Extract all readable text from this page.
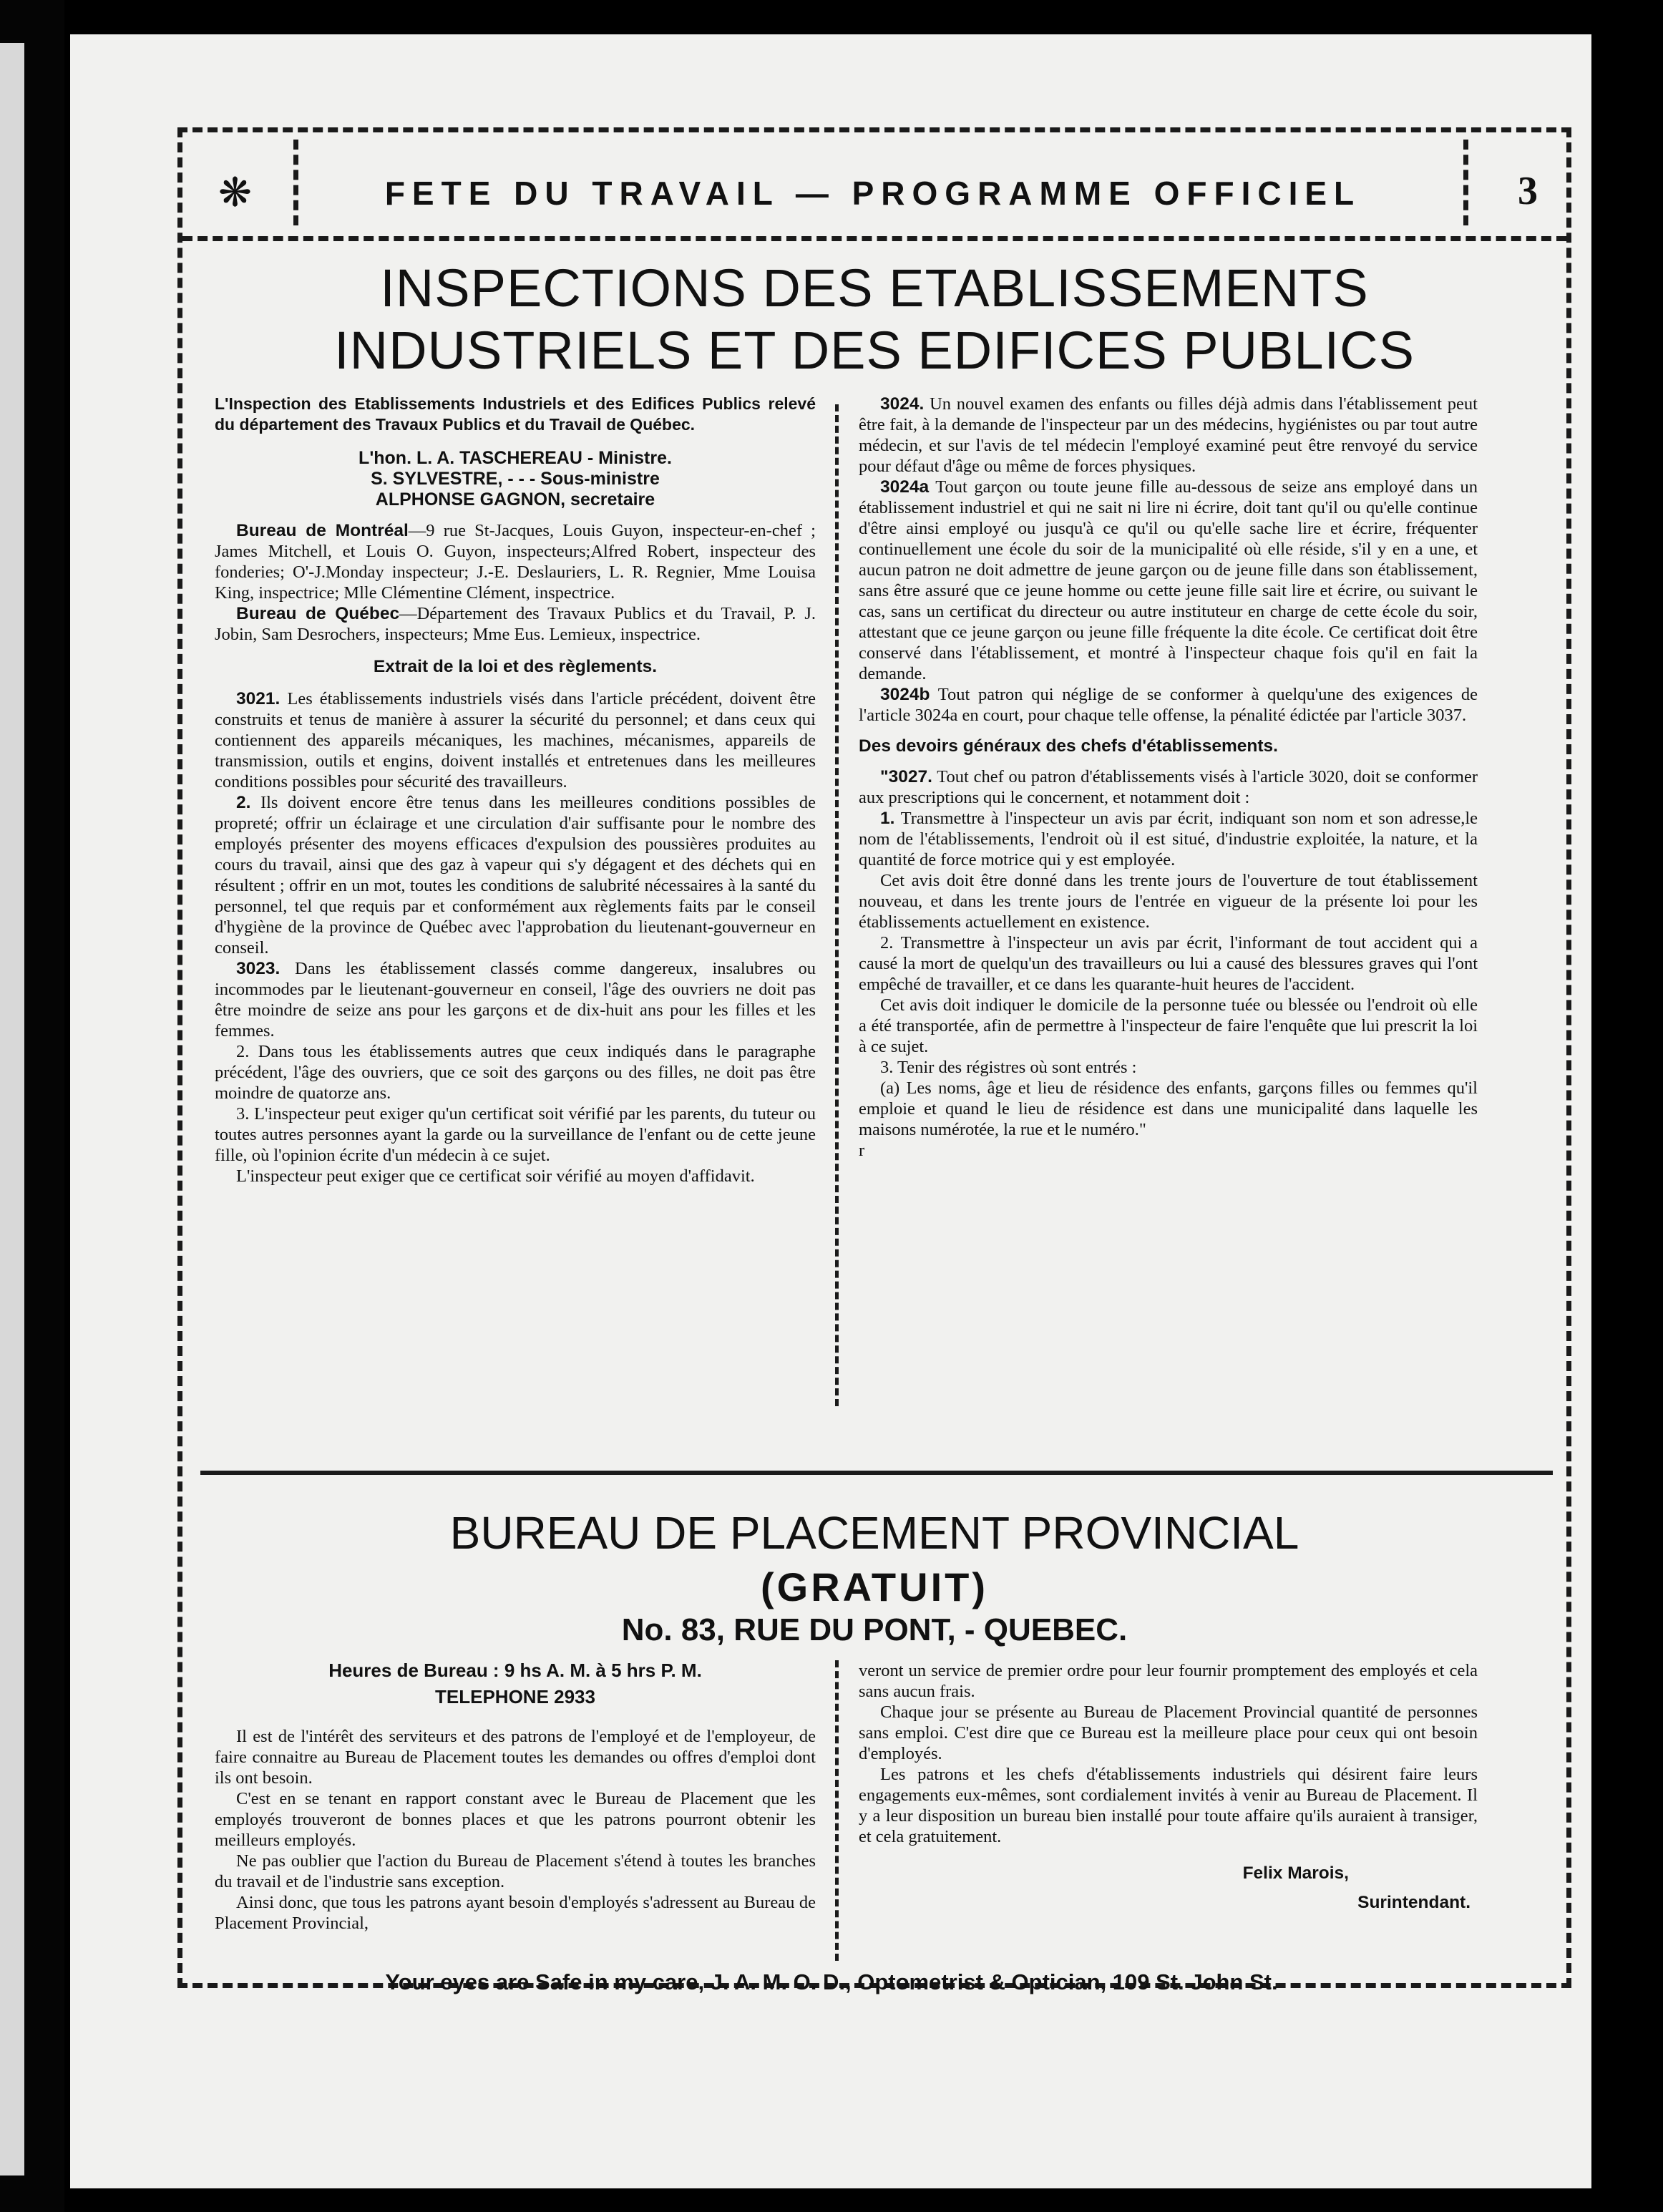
❋	FETE DU TRAVAIL — PROGRAMME OFFICIEL	3
INSPECTIONS DES ETABLISSEMENTS
INDUSTRIELS ET DES EDIFICES PUBLICS

L'Inspection des Etablissements Industriels et des Edifices Publics relevé du département des Travaux Publics et du Travail de Québec.

L'hon. L. A. TASCHEREAU - Ministre.

S. SYLVESTRE, - - - Sous-ministre

ALPHONSE GAGNON, secretaire

Bureau de Montréal—9 rue St-Jacques, Louis Guyon, inspecteur-en-chef ; James Mitchell, et Louis O. Guyon, inspecteurs;Alfred Robert, inspecteur des fonderies; O'-J.Monday inspecteur; J.-E. Deslauriers, L. R. Regnier, Mme Louisa King, inspectrice; Mlle Clémentine Clément, inspectrice.

Bureau de Québec—Département des Travaux Publics et du Travail, P. J. Jobin, Sam Desrochers, inspecteurs; Mme Eus. Lemieux, inspectrice.

Extrait de la loi et des règlements.

3021. Les établissements industriels visés dans l'article précédent, doivent être construits et tenus de manière à assurer la sécurité du personnel; et dans ceux qui contiennent des appareils mécaniques, les machines, mécanismes, appareils de transmission, outils et engins, doivent installés et entretenues dans les meilleures conditions possibles pour sécurité des travailleurs.

2. Ils doivent encore être tenus dans les meilleures conditions possibles de propreté; offrir un éclairage et une circulation d'air suffisante pour le nombre des employés présenter des moyens efficaces d'expulsion des poussières produites au cours du travail, ainsi que des gaz à vapeur qui s'y dégagent et des déchets qui en résultent ; offrir en un mot, toutes les conditions de salubrité nécessaires à la santé du personnel, tel que requis par et conformément aux règlements faits par le conseil d'hygiène de la province de Québec avec l'approbation du lieutenant-gouverneur en conseil.

3023. Dans les établissement classés comme dangereux, insalubres ou incommodes par le lieutenant-gouverneur en conseil, l'âge des ouvriers ne doit pas être moindre de seize ans pour les garçons et de dix-huit ans pour les filles et les femmes.

2. Dans tous les établissements autres que ceux indiqués dans le paragraphe précédent, l'âge des ouvriers, que ce soit des garçons ou des filles, ne doit pas être moindre de quatorze ans.

3. L'inspecteur peut exiger qu'un certificat soit vérifié par les parents, du tuteur ou toutes autres personnes ayant la garde ou la surveillance de l'enfant ou de cette jeune fille, où l'opinion écrite d'un médecin à ce sujet.

L'inspecteur peut exiger que ce certificat soir vérifié au moyen d'affidavit.

3024. Un nouvel examen des enfants ou filles déjà admis dans l'établissement peut être fait, à la demande de l'inspecteur par un des médecins, hygiénistes ou par tout autre médecin, et sur l'avis de tel médecin l'employé examiné peut être renvoyé du service pour défaut d'âge ou même de forces physiques.

3024a Tout garçon ou toute jeune fille au-dessous de seize ans employé dans un établissement industriel et qui ne sait ni lire ni écrire, doit tant qu'il ou qu'elle continue d'être ainsi employé ou jusqu'à ce qu'il ou qu'elle sache lire et écrire, fréquenter continuellement une école du soir de la municipalité où elle réside, s'il y en a une, et aucun patron ne doit admettre de jeune garçon ou de jeune fille dans son établissement, sans être assuré que ce jeune homme ou cette jeune fille sait lire et écrire, ou suivant le cas, sans un certificat du directeur ou autre instituteur en charge de cette école du soir, attestant que ce jeune garçon ou jeune fille fréquente la dite école. Ce certificat doit être conservé dans l'établissement, et montré à l'inspecteur chaque fois qu'il en fait la demande.

3024b Tout patron qui néglige de se conformer à quelqu'une des exigences de l'article 3024a en court, pour chaque telle offense, la pénalité édictée par l'article 3037.

Des devoirs généraux des chefs d'établissements.

"3027. Tout chef ou patron d'établissements visés à l'article 3020, doit se conformer aux prescriptions qui le concernent, et notamment doit :

1. Transmettre à l'inspecteur un avis par écrit, indiquant son nom et son adresse,le nom de l'établissements, l'endroit où il est situé, d'industrie exploitée, la nature, et la quantité de force motrice qui y est employée.

Cet avis doit être donné dans les trente jours de l'ouverture de tout établissement nouveau, et dans les trente jours de l'entrée en vigueur de la présente loi pour les établissements actuellement en existence.

2. Transmettre à l'inspecteur un avis par écrit, l'informant de tout accident qui a causé la mort de quelqu'un des travailleurs ou lui a causé des blessures graves qui l'ont empêché de travailler, et ce dans les quarante-huit heures de l'accident.

Cet avis doit indiquer le domicile de la personne tuée ou blessée ou l'endroit où elle a été transportée, afin de permettre à l'inspecteur de faire l'enquête que lui prescrit la loi à ce sujet.

3. Tenir des régistres où sont entrés :

(a) Les noms, âge et lieu de résidence des enfants, garçons filles ou femmes qu'il emploie et quand le lieu de résidence est dans une municipalité dans laquelle les maisons numérotée, la rue et le numéro."

r

BUREAU DE PLACEMENT PROVINCIAL
(GRATUIT)
No. 83, RUE DU PONT, - QUEBEC.

Heures de Bureau : 9 hs A. M. à 5 hrs P. M.

TELEPHONE 2933

Il est de l'intérêt des serviteurs et des patrons de l'employé et de l'employeur, de faire connaitre au Bureau de Placement toutes les demandes ou offres d'emploi dont ils ont besoin.

C'est en se tenant en rapport constant avec le Bureau de Placement que les employés trouveront de bonnes places et que les patrons pourront obtenir les meilleurs employés.

Ne pas oublier que l'action du Bureau de Placement s'étend à toutes les branches du travail et de l'industrie sans exception.

Ainsi donc, que tous les patrons ayant besoin d'employés s'adressent au Bureau de Placement Provincial,

veront un service de premier ordre pour leur fournir promptement des employés et cela sans aucun frais.

Chaque jour se présente au Bureau de Placement Provincial quantité de personnes sans emploi. C'est dire que ce Bureau est la meilleure place pour ceux qui ont besoin d'employés.

Les patrons et les chefs d'établissements industriels qui désirent faire leurs engagements eux-mêmes, sont cordialement invités à venir au Bureau de Placement. Il y a leur disposition un bureau bien installé pour toute affaire qu'ils auraient à transiger, et cela gratuitement.

Felix Marois,

Surintendant.

Your eyes are Safe in my care, J. A. M. O. D., Optometrist & Optician, 109 St. John St.
